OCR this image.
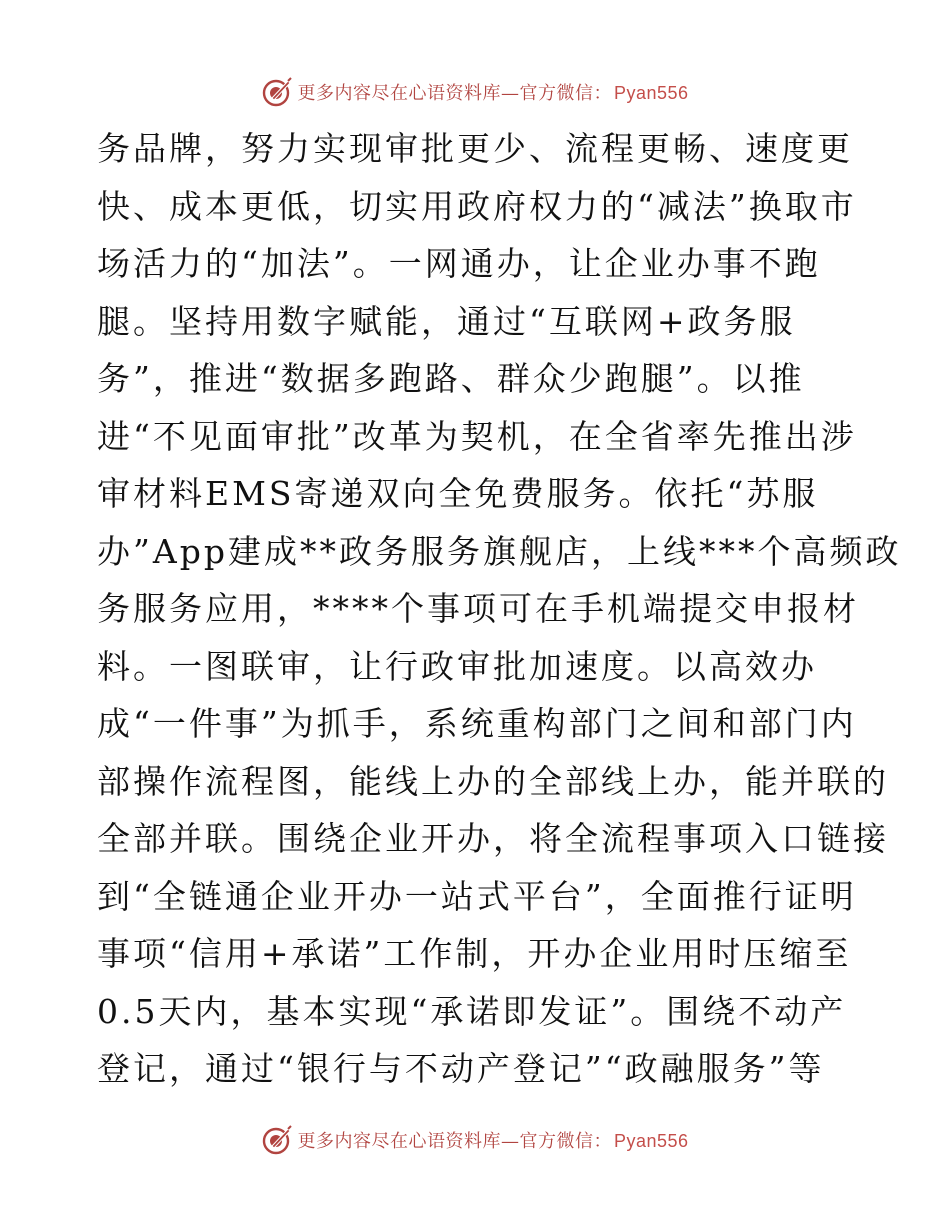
更多内容尽在心语资料库—官方微信： Pyan556
务品牌，努力实现审批更少、流程更畅、速度更
快、成本更低，切实用政府权力的“减法”换取市
场活力的“加法”。一网通办，让企业办事不跑
腿。坚持用数字赋能，通过“互联网+政务服
务”，推进“数据多跑路、群众少跑腿”。以推
进“不见面审批”改革为契机，在全省率先推出涉
审材料EMS寄递双向全免费服务。依托“苏服
办”App建成**政务服务旗舰店，上线***个高频政
务服务应用，****个事项可在手机端提交申报材
料。一图联审，让行政审批加速度。以高效办
成“一件事”为抓手，系统重构部门之间和部门内
部操作流程图，能线上办的全部线上办，能并联的
全部并联。围绕企业开办，将全流程事项入口链接
到“全链通企业开办一站式平台”，全面推行证明
事项“信用+承诺”工作制，开办企业用时压缩至
0.5天内，基本实现“承诺即发证”。围绕不动产
登记，通过“银行与不动产登记”“政融服务”等
更多内容尽在心语资料库—官方微信： Pyan556
